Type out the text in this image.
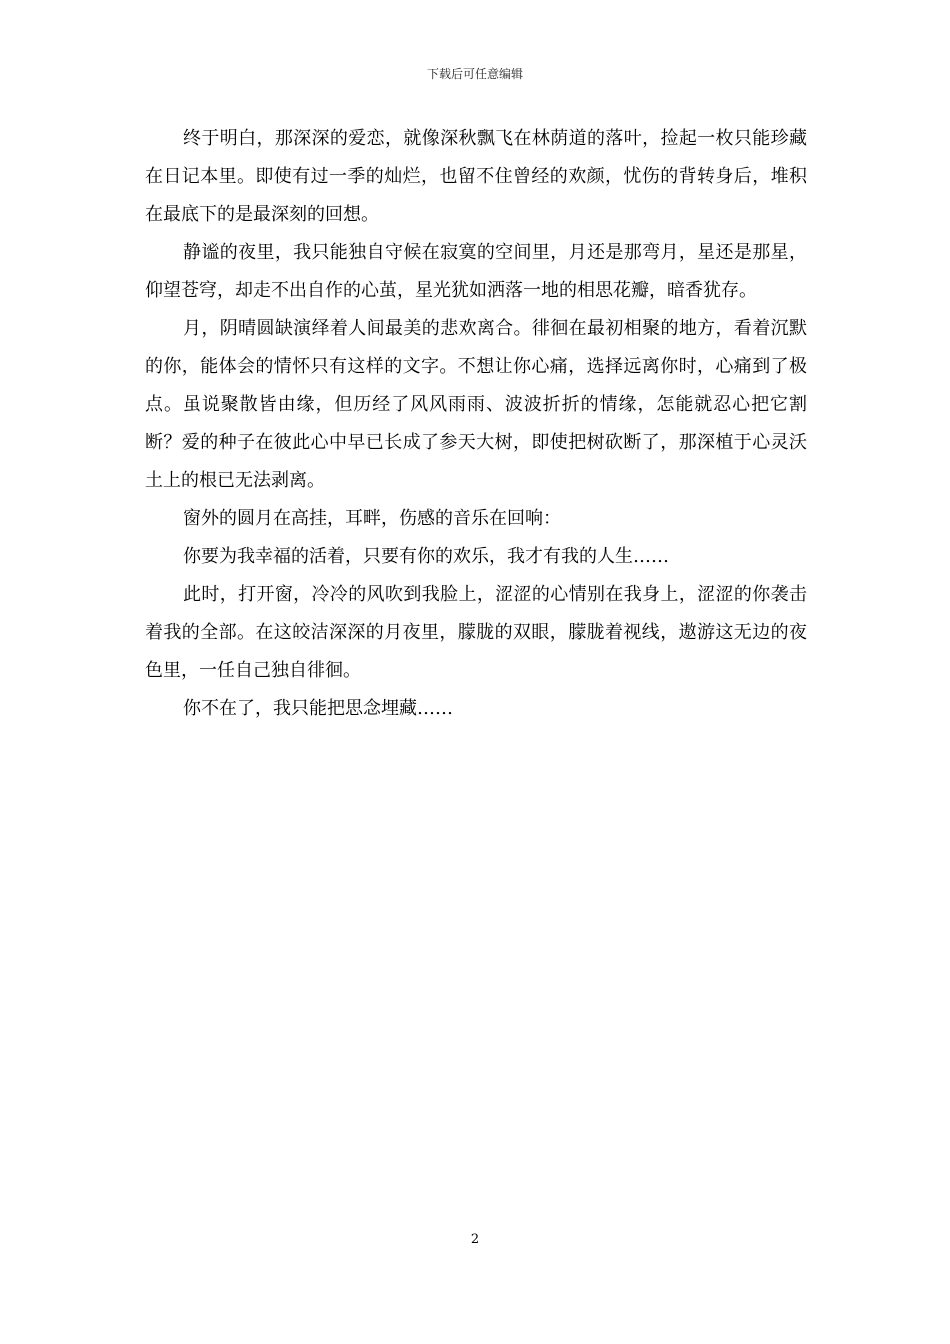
下载后可任意编辑

终于明白，那深深的爱恋，就像深秋飘飞在林荫道的落叶，捡起一枚只能珍藏在日记本里。即使有过一季的灿烂，也留不住曾经的欢颜，忧伤的背转身后，堆积在最底下的是最深刻的回想。

静谧的夜里，我只能独自守候在寂寞的空间里，月还是那弯月，星还是那星，仰望苍穹，却走不出自作的心茧，星光犹如洒落一地的相思花瓣，暗香犹存。

月，阴晴圆缺演绎着人间最美的悲欢离合。徘徊在最初相聚的地方，看着沉默的你，能体会的情怀只有这样的文字。不想让你心痛，选择远离你时，心痛到了极点。虽说聚散皆由缘，但历经了风风雨雨、波波折折的情缘，怎能就忍心把它割断？爱的种子在彼此心中早已长成了参天大树，即使把树砍断了，那深植于心灵沃土上的根已无法剥离。

窗外的圆月在高挂，耳畔，伤感的音乐在回响：

你要为我幸福的活着，只要有你的欢乐，我才有我的人生……

此时，打开窗，冷冷的风吹到我脸上，涩涩的心情别在我身上，涩涩的你袭击着我的全部。在这皎洁深深的月夜里，朦胧的双眼，朦胧着视线，遨游这无边的夜色里，一任自己独自徘徊。

你不在了，我只能把思念埋藏……

2
